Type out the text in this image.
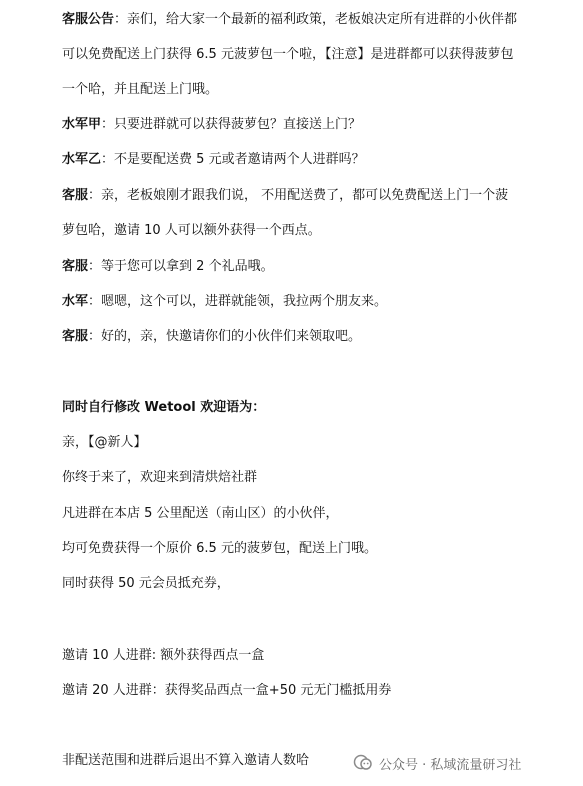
客服公告：亲们，给大家一个最新的福利政策，老板娘决定所有进群的小伙伴都
可以免费配送上门获得 6.5 元菠萝包一个啦，【注意】是进群都可以获得菠萝包
一个哈，并且配送上门哦。
水军甲：只要进群就可以获得菠萝包？直接送上门？
水军乙：不是要配送费 5 元或者邀请两个人进群吗？
客服：亲，老板娘刚才跟我们说， 不用配送费了，都可以免费配送上门一个菠
萝包哈，邀请 10 人可以额外获得一个西点。
客服：等于您可以拿到 2 个礼品哦。
水军：嗯嗯，这个可以，进群就能领，我拉两个朋友来。
客服：好的，亲，快邀请你们的小伙伴们来领取吧。
同时自行修改 Wetool 欢迎语为：
亲，【@新人】
你终于来了，欢迎来到清烘焙社群
凡进群在本店 5 公里配送（南山区）的小伙伴，
均可免费获得一个原价 6.5 元的菠萝包，配送上门哦。
同时获得 50 元会员抵充券，
邀请 10 人进群: 额外获得西点一盒
邀请 20 人进群：获得奖品西点一盒+50 元无门槛抵用券
非配送范围和进群后退出不算入邀请人数哈	公众号 · 私域流量研习社
